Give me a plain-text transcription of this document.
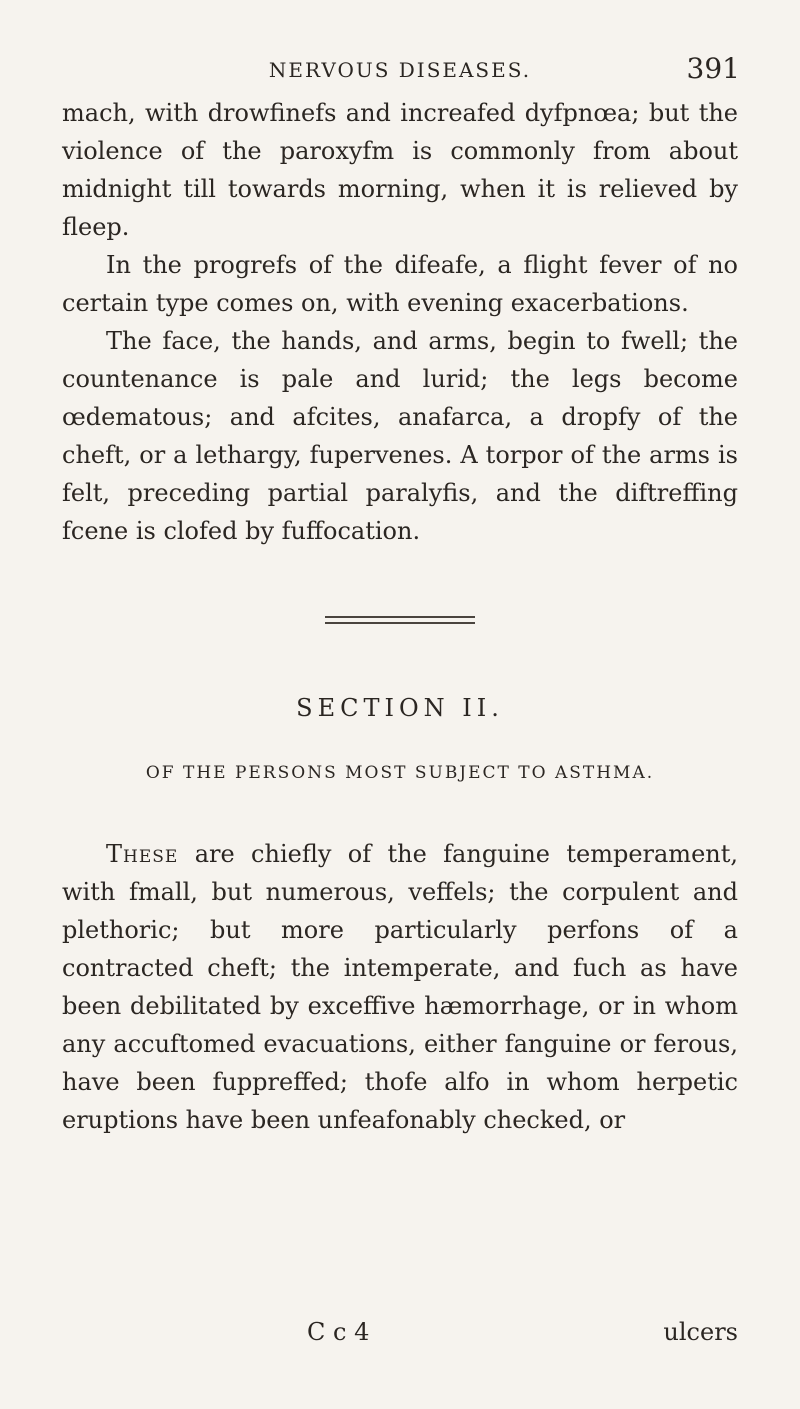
NERVOUS DISEASES.	391

mach, with drowfinefs and increafed dyfpnœa; but the violence of the paroxyfm is commonly from about midnight till towards morning, when it is relieved by fleep.

In the progrefs of the difeafe, a flight fever of no certain type comes on, with evening exacerbations.

The face, the hands, and arms, begin to fwell; the countenance is pale and lurid; the legs become œdematous; and afcites, anafarca, a dropfy of the cheft, or a lethargy, fupervenes. A torpor of the arms is felt, preceding partial paralyfis, and the diftreffing fcene is clofed by fuffocation.

SECTION II.
OF THE PERSONS MOST SUBJECT TO ASTHMA.

These are chiefly of the fanguine temperament, with fmall, but numerous, veffels; the corpulent and plethoric; but more particularly perfons of a contracted cheft; the intemperate, and fuch as have been debilitated by exceffive hæmorrhage, or in whom any accuftomed evacuations, either fanguine or ferous, have been fuppreffed; thofe alfo in whom herpetic eruptions have been unfeafonably checked, or

C c 4	ulcers
